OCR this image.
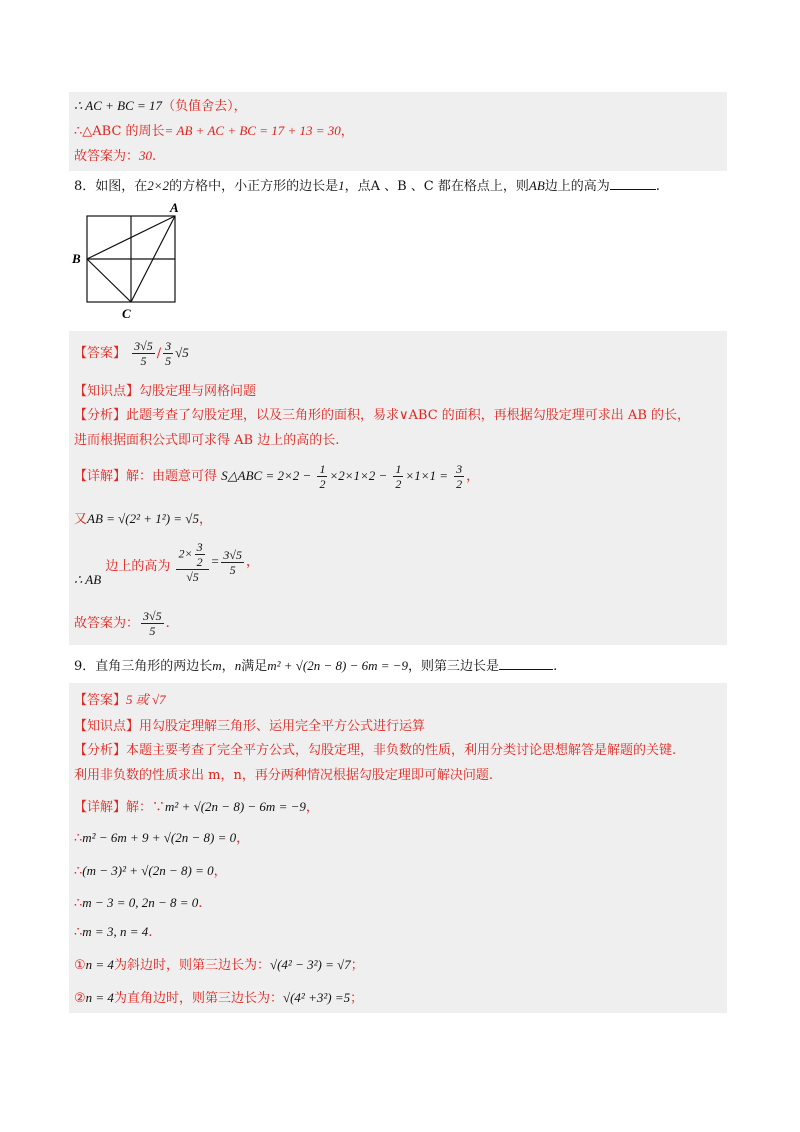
∴ AC + BC = 17（负值舍去），
∴△ABC 的周长= AB + AC + BC = 17 + 13 = 30，
故答案为：30.
8．如图，在2×2的方格中，小正方形的边长是1，点A 、B 、C 都在格点上，则AB边上的高为	.
A
B
C
【答案】 $\frac{3√5}{5} / \frac{3}{5} √5$
【知识点】勾股定理与网格问题
【分析】此题考查了勾股定理，以及三角形的面积，易求∨ABC 的面积，再根据勾股定理可求出 AB 的长，
进而根据面积公式即可求得 AB 边上的高的长.
【详解】解：由题意可得 S△ABC = $2\times 2 - \frac{1}{2} \times 2\times 1\times 2 - \frac{1}{2} \times 1\times 1 = \frac{3}{2}$ ，
又AB = √(2² + 1²) = √5，
∴ AB 边上的高为 $\frac{2\times \frac{3}{2}}{√5} = \frac{3√5}{5}$ ，
故答案为： $\frac{3√5}{5}$ .
9．直角三角形的两边长m，n满足m² + √(2n − 8) − 6m = −9，则第三边长是	.
【答案】5 或 √7
【知识点】用勾股定理解三角形、运用完全平方公式进行运算
【分析】本题主要考查了完全平方公式，勾股定理，非负数的性质，利用分类讨论思想解答是解题的关键.
利用非负数的性质求出 m，n，再分两种情况根据勾股定理即可解决问题.
【详解】解：∵m² + √(2n − 8) − 6m = −9，
∴m² − 6m + 9 + √(2n − 8) = 0，
∴(m − 3)² + √(2n − 8) = 0，
∴m − 3 = 0, 2n − 8 = 0.
∴m = 3, n = 4.
①n = 4为斜边时，则第三边长为：√(4² − 3²) = √7；
②n = 4为直角边时，则第三边长为：√(4² +3²) =5；
